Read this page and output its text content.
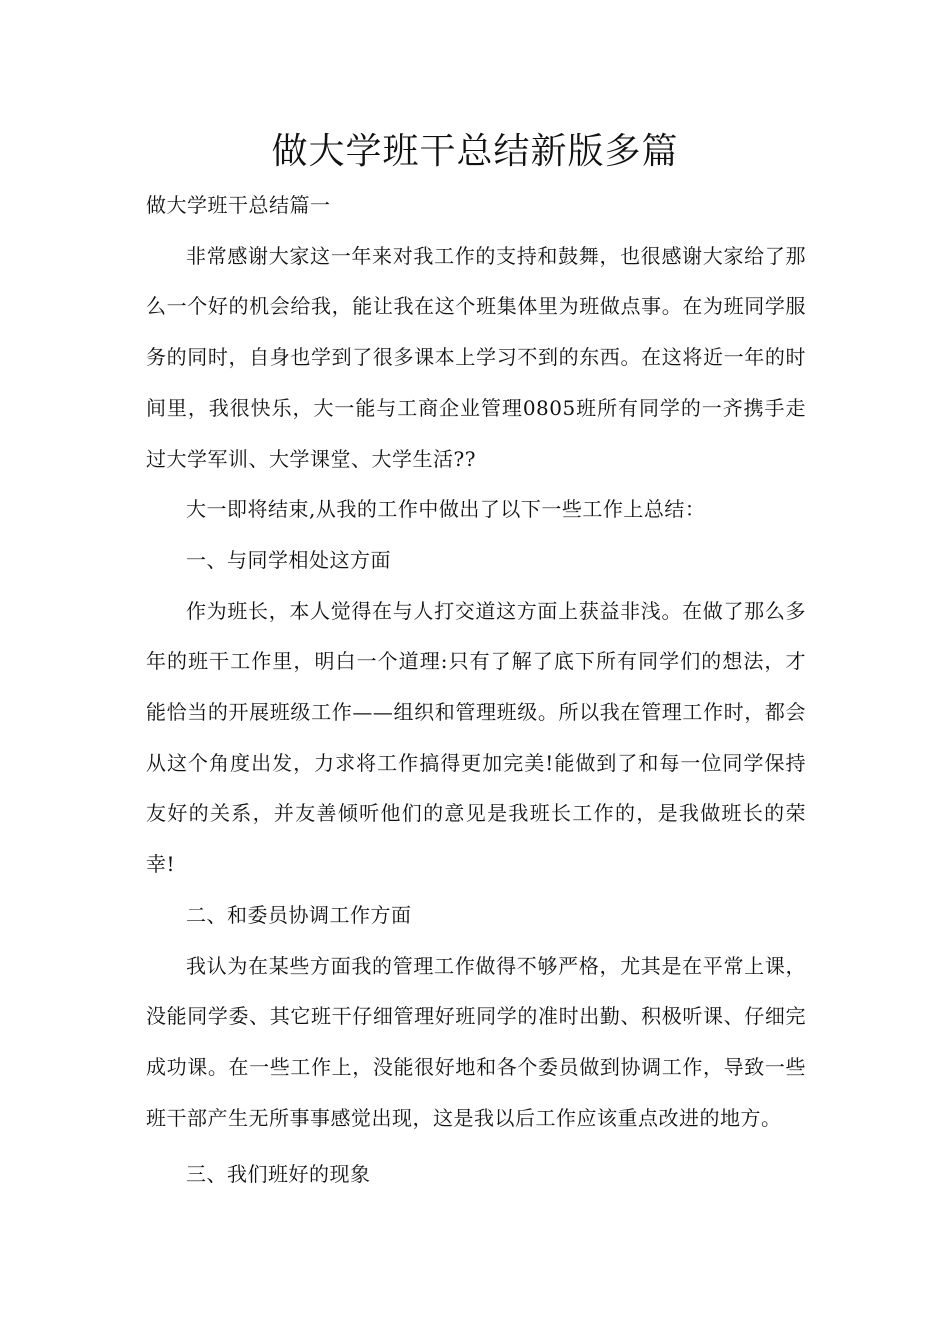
做大学班干总结新版多篇

做大学班干总结篇一

非常感谢大家这一年来对我工作的支持和鼓舞，也很感谢大家给了那么一个好的机会给我，能让我在这个班集体里为班做点事。在为班同学服务的同时，自身也学到了很多课本上学习不到的东西。在这将近一年的时间里，我很快乐，大一能与工商企业管理0805班所有同学的一齐携手走过大学军训、大学课堂、大学生活??

大一即将结束,从我的工作中做出了以下一些工作上总结：

一、与同学相处这方面

作为班长，本人觉得在与人打交道这方面上获益非浅。在做了那么多年的班干工作里，明白一个道理:只有了解了底下所有同学们的想法，才能恰当的开展班级工作——组织和管理班级。所以我在管理工作时，都会从这个角度出发，力求将工作搞得更加完美!能做到了和每一位同学保持友好的关系，并友善倾听他们的意见是我班长工作的，是我做班长的荣幸!

二、和委员协调工作方面

我认为在某些方面我的管理工作做得不够严格，尤其是在平常上课，没能同学委、其它班干仔细管理好班同学的准时出勤、积极听课、仔细完成功课。在一些工作上，没能很好地和各个委员做到协调工作，导致一些班干部产生无所事事感觉出现，这是我以后工作应该重点改进的地方。

三、我们班好的现象
